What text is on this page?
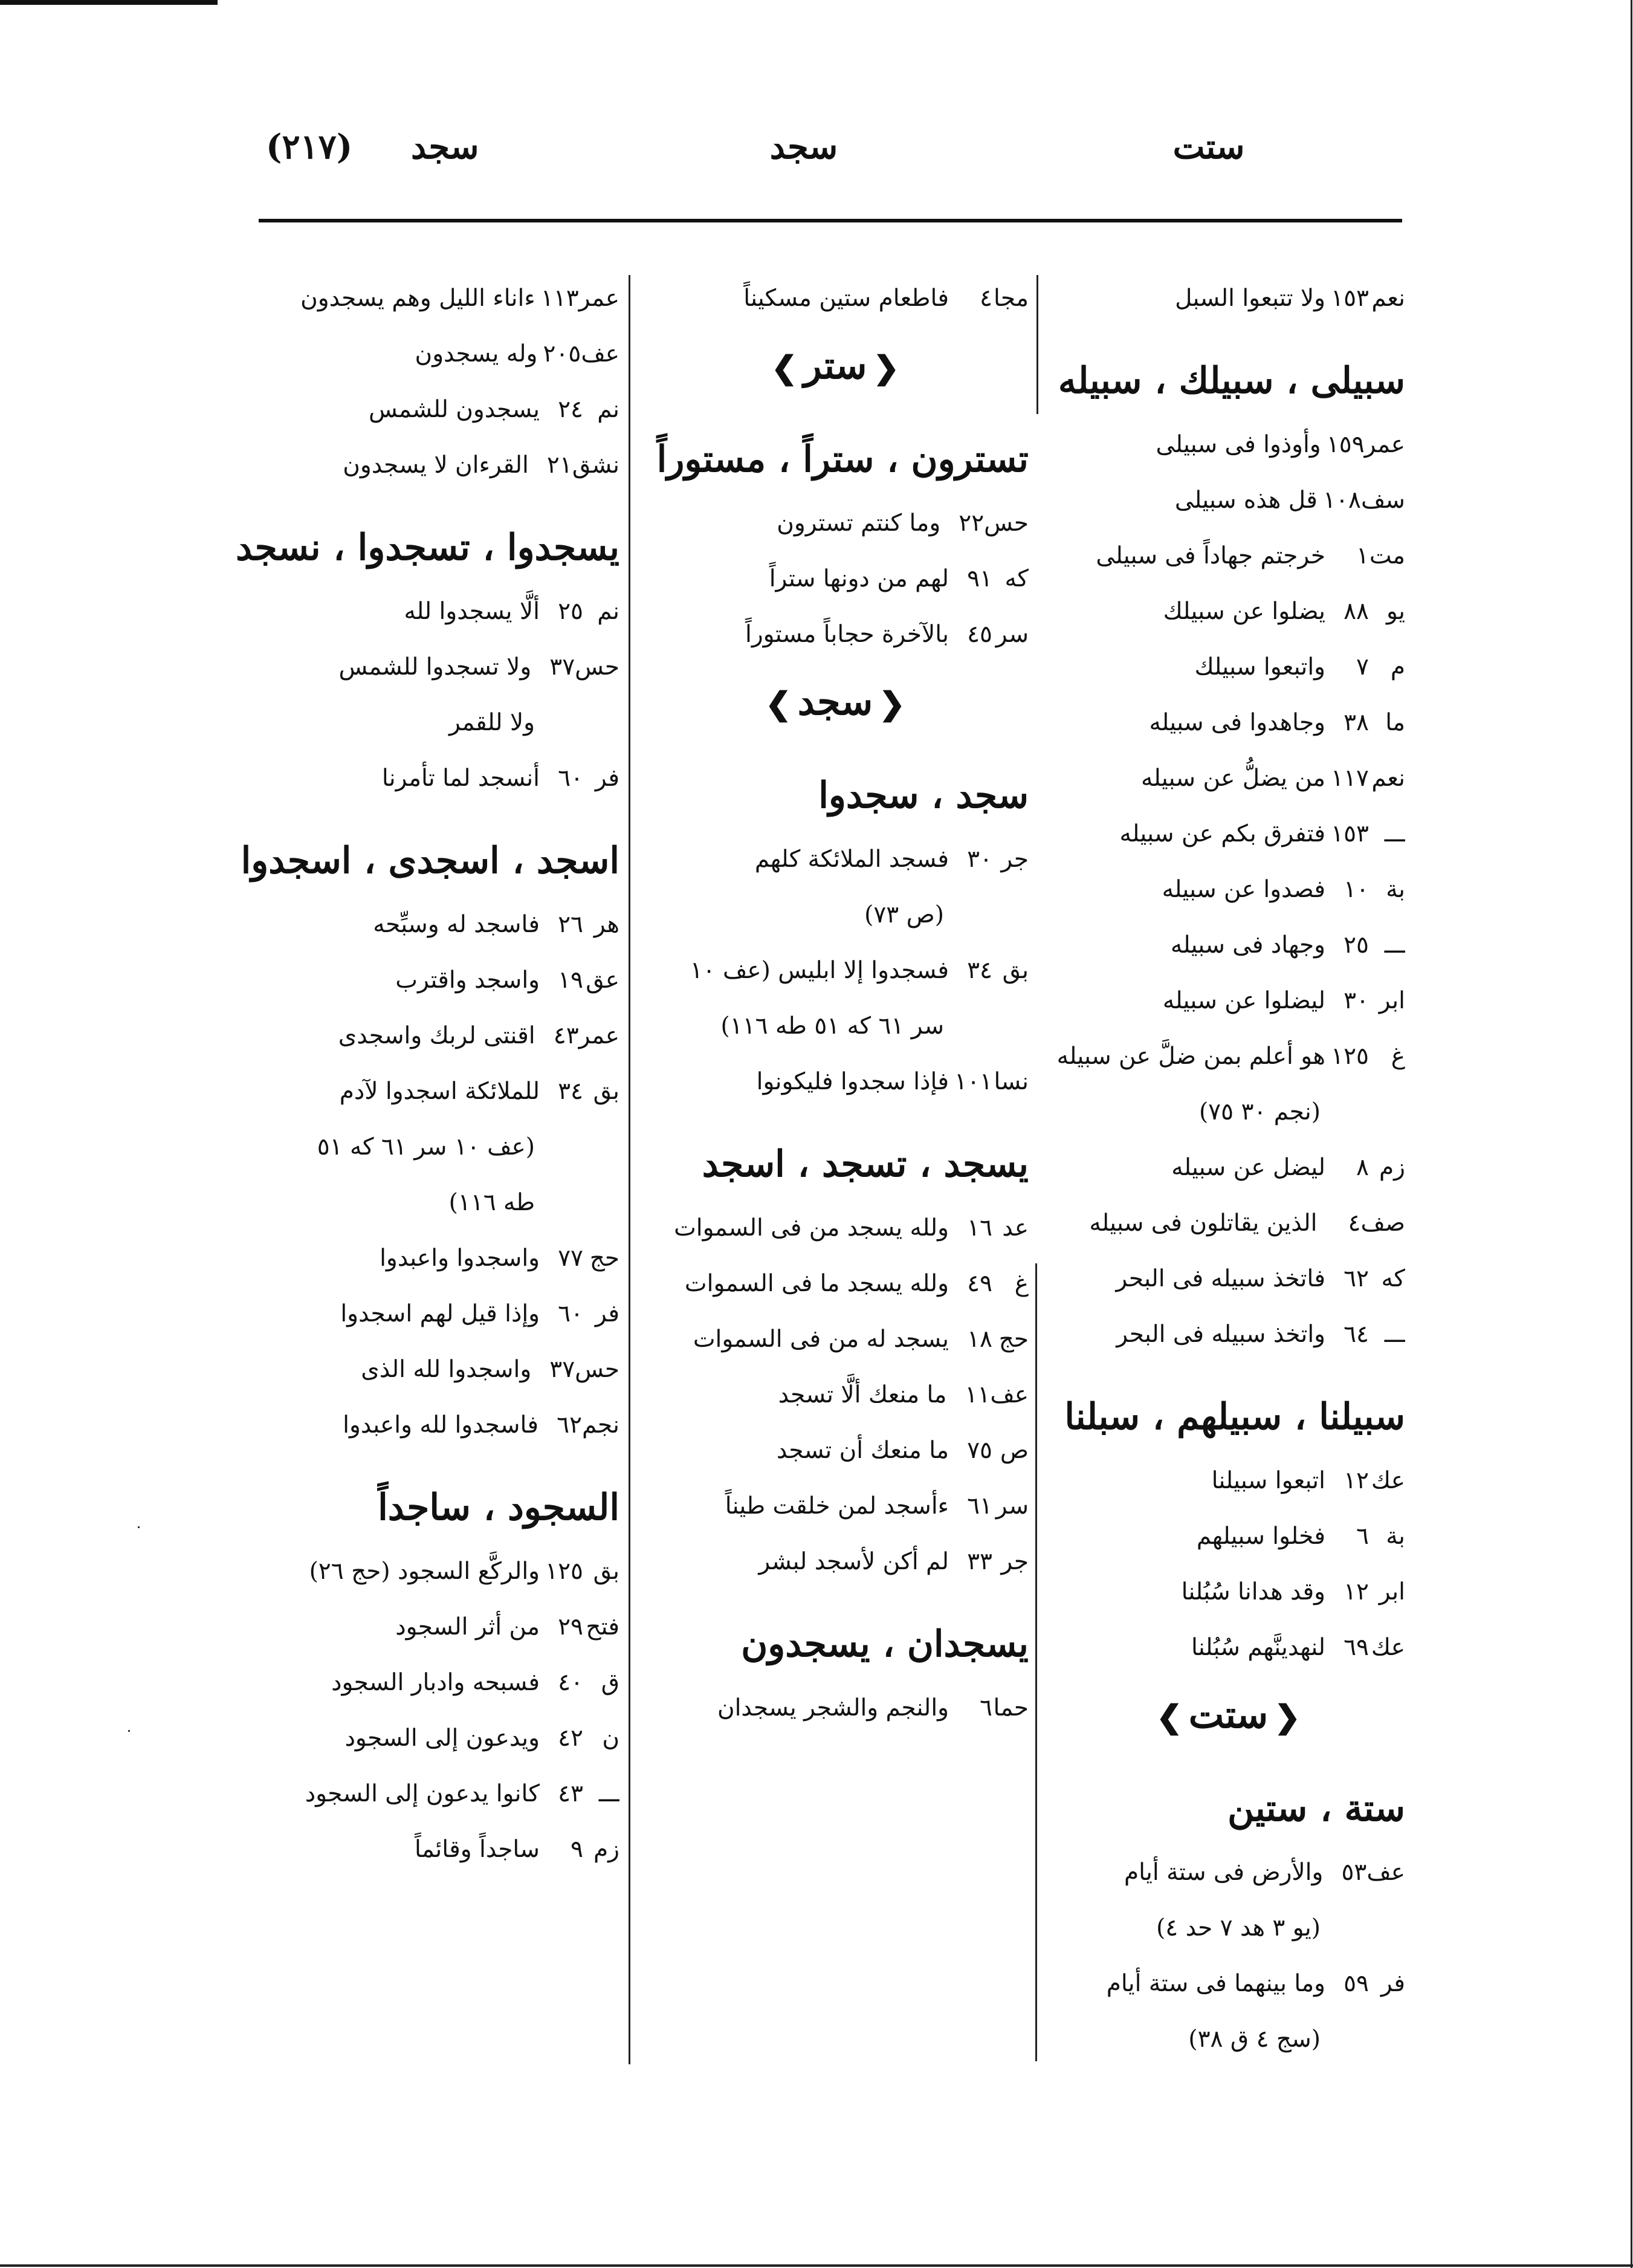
ستت
سجد
سجد
(٢١٧)
نعم
١٥٣
ولا تتبعوا السبل
سبيلى ، سبيلك ، سبيله
عمر
١٥٩
وأوذوا فى سبيلى
سف
١٠٨
قل هذه سبيلى
مت
١
خرجتم جهاداً فى سبيلى
يو
٨٨
يضلوا عن سبيلك
م
٧
واتبعوا سبيلك
ما
٣٨
وجاهدوا فى سبيله
نعم
١١٧
من يضلُّ عن سبيله
ـــ
١٥٣
فتفرق بكم عن سبيله
بة
١٠
فصدوا عن سبيله
ـــ
٢٥
وجهاد فى سبيله
ابر
٣٠
ليضلوا عن سبيله
غ
١٢٥
هو أعلم بمن ضلَّ عن سبيله
(نجم ٣٠ ٧٥)
زم
٨
ليضل عن سبيله
صف
٤
الذين يقاتلون فى سبيله
كه
٦٢
فاتخذ سبيله فى البحر
ـــ
٦٤
واتخذ سبيله فى البحر
سبيلنا ، سبيلهم ، سبلنا
عك
١٢
اتبعوا سبيلنا
بة
٦
فخلوا سبيلهم
ابر
١٢
وقد هدانا سُبُلنا
عك
٦٩
لنهدينَّهم سُبُلنا
❮ستت❯
ستة ، ستين
عف
٥٣
والأرض فى ستة أيام
(يو ٣ هد ٧ حد ٤)
فر
٥٩
وما بينهما فى ستة أيام
(سج ٤ ق ٣٨)
مجا
٤
فاطعام ستين مسكيناً
❮ستر❯
تسترون ، ستراً ، مستوراً
حس
٢٢
وما كنتم تسترون
كه
٩١
لهم من دونها ستراً
سر
٤٥
بالآخرة حجاباً مستوراً
❮سجد❯
سجد ، سجدوا
جر
٣٠
فسجد الملائكة كلهم
(ص ٧٣)
بق
٣٤
فسجدوا إلا ابليس (عف ١٠
سر ٦١ كه ٥١ طه ١١٦)
نسا
١٠١
فإذا سجدوا فليكونوا
يسجد ، تسجد ، اسجد
عد
١٦
ولله يسجد من فى السموات
غ
٤٩
ولله يسجد ما فى السموات
حج
١٨
يسجد له من فى السموات
عف
١١
ما منعك ألَّا تسجد
ص
٧٥
ما منعك أن تسجد
سر
٦١
ءأسجد لمن خلقت طيناً
جر
٣٣
لم أكن لأسجد لبشر
يسجدان ، يسجدون
حما
٦
والنجم والشجر يسجدان
عمر
١١٣
ءاناء الليل وهم يسجدون
عف
٢٠٥
وله يسجدون
نم
٢٤
يسجدون للشمس
نشق
٢١
القرءان لا يسجدون
يسجدوا ، تسجدوا ، نسجد
نم
٢٥
ألَّا يسجدوا لله
حس
٣٧
ولا تسجدوا للشمس
ولا للقمر
فر
٦٠
أنسجد لما تأمرنا
اسجد ، اسجدى ، اسجدوا
هر
٢٦
فاسجد له وسبِّحه
عق
١٩
واسجد واقترب
عمر
٤٣
اقنتى لربك واسجدى
بق
٣٤
للملائكة اسجدوا لآدم
(عف ١٠ سر ٦١ كه ٥١
طه ١١٦)
حج
٧٧
واسجدوا واعبدوا
فر
٦٠
وإذا قيل لهم اسجدوا
حس
٣٧
واسجدوا لله الذى
نجم
٦٢
فاسجدوا لله واعبدوا
السجود ، ساجداً
بق
١٢٥
والركَّع السجود (حج ٢٦)
فتح
٢٩
من أثر السجود
ق
٤٠
فسبحه وادبار السجود
ن
٤٢
ويدعون إلى السجود
ـــ
٤٣
كانوا يدعون إلى السجود
زم
٩
ساجداً وقائماً
